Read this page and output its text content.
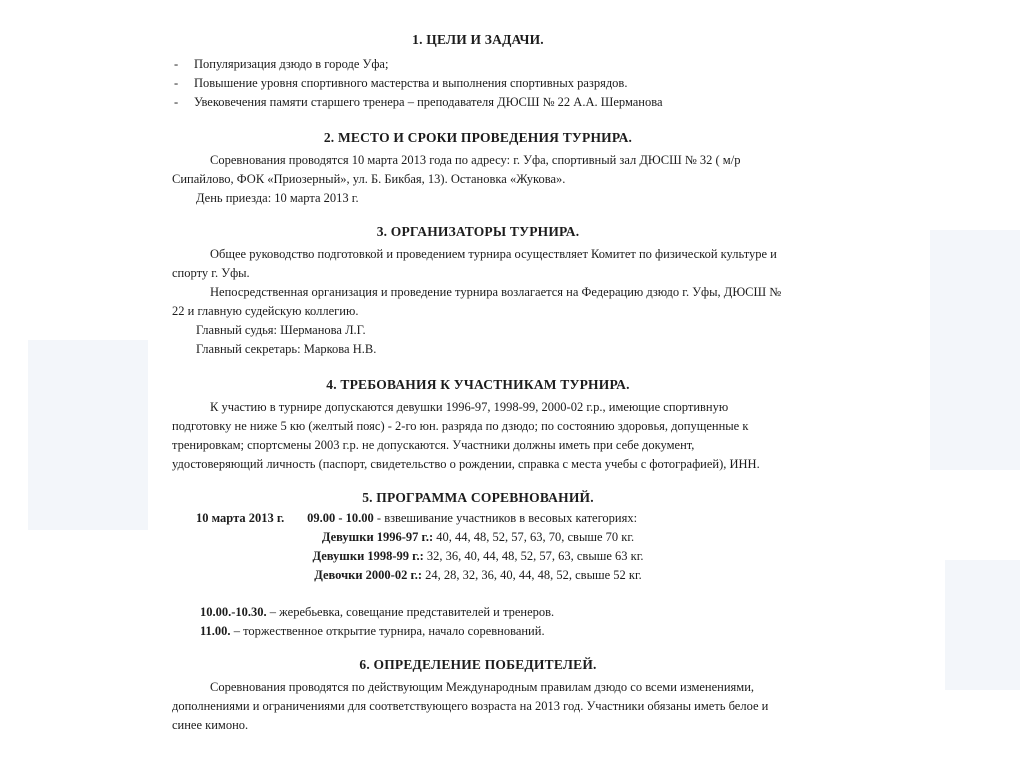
1. ЦЕЛИ И ЗАДАЧИ.

- Популяризация дзюдо в городе Уфа;
- Повышение уровня спортивного мастерства и выполнения спортивных разрядов.
- Увековечения памяти старшего тренера – преподавателя ДЮСШ № 22 А.А. Шерманова

2. МЕСТО И СРОКИ ПРОВЕДЕНИЯ ТУРНИРА.

Соревнования проводятся 10 марта 2013 года по адресу: г. Уфа, спортивный зал ДЮСШ № 32 ( м/р Сипайлово, ФОК «Приозерный», ул. Б. Бикбая, 13). Остановка «Жукова».

День приезда: 10 марта 2013 г.

3. ОРГАНИЗАТОРЫ ТУРНИРА.

Общее руководство подготовкой и проведением турнира осуществляет Комитет по физической культуре и спорту г. Уфы.

Непосредственная организация и проведение турнира возлагается на Федерацию дзюдо г. Уфы, ДЮСШ № 22 и главную судейскую коллегию.

Главный судья: Шерманова Л.Г.

Главный секретарь: Маркова Н.В.

4. ТРЕБОВАНИЯ К УЧАСТНИКАМ ТУРНИРА.

К участию в турнире допускаются девушки 1996-97, 1998-99, 2000-02 г.р., имеющие спортивную подготовку не ниже 5 кю (желтый пояс) - 2-го юн. разряда по дзюдо; по состоянию здоровья, допущенные к тренировкам; спортсмены 2003 г.р. не допускаются. Участники должны иметь при себе документ, удостоверяющий личность (паспорт, свидетельство о рождении, справка с места учебы с фотографией), ИНН.

5. ПРОГРАММА СОРЕВНОВАНИЙ.

10 марта 2013 г. 09.00 - 10.00 - взвешивание участников в весовых категориях:

Девушки 1996-97 г.: 40, 44, 48, 52, 57, 63, 70, свыше 70 кг.

Девушки 1998-99 г.: 32, 36, 40, 44, 48, 52, 57, 63, свыше 63 кг.

Девочки 2000-02 г.: 24, 28, 32, 36, 40, 44, 48, 52, свыше 52 кг.

10.00.-10.30. – жеребьевка, совещание представителей и тренеров.

11.00. – торжественное открытие турнира, начало соревнований.

6. ОПРЕДЕЛЕНИЕ ПОБЕДИТЕЛЕЙ.

Соревнования проводятся по действующим Международным правилам дзюдо со всеми изменениями, дополнениями и ограничениями для соответствующего возраста на 2013 год. Участники обязаны иметь белое и синее кимоно.
